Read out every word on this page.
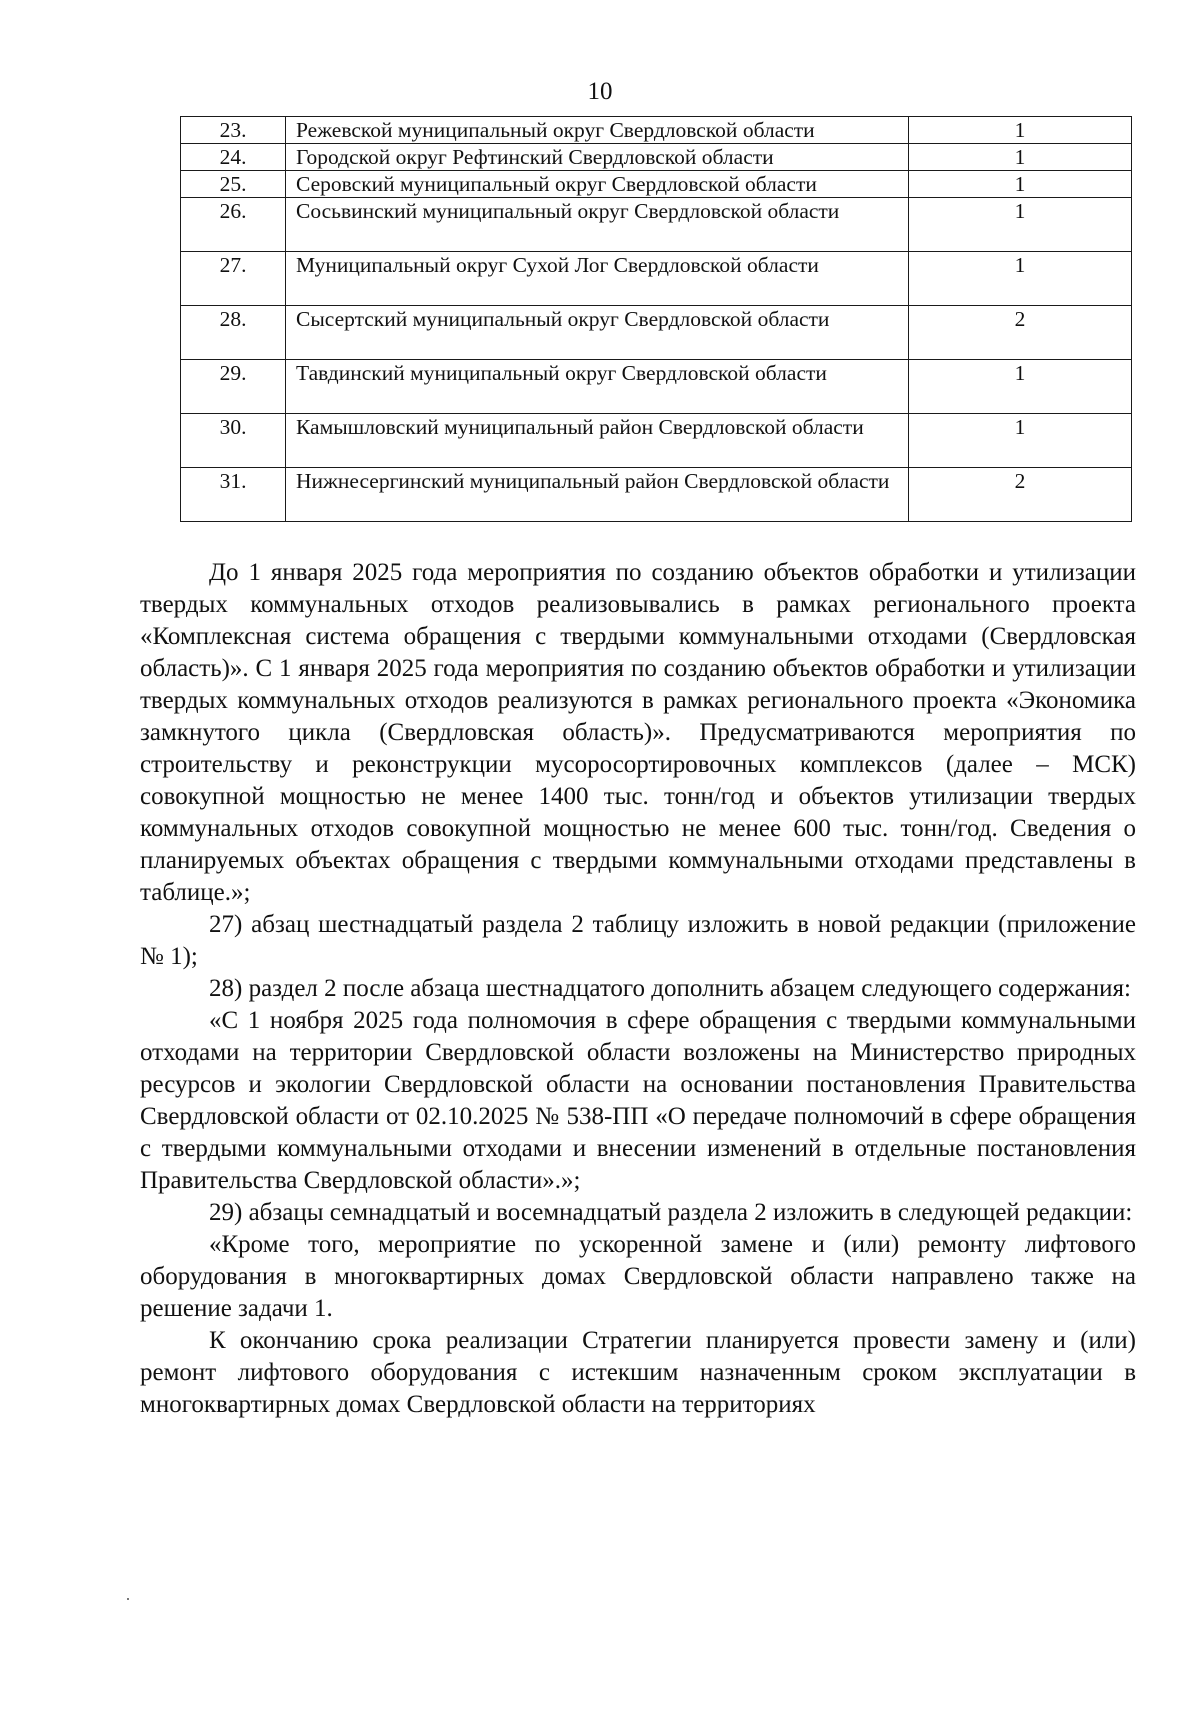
10
23.	Режевской муниципальный округ Свердловской области	1
24.	Городской округ Рефтинский Свердловской области	1
25.	Серовский муниципальный округ Свердловской области	1
26.	Сосьвинский муниципальный округ Свердловской области	1
27.	Муниципальный округ Сухой Лог Свердловской области	1
28.	Сысертский муниципальный округ Свердловской области	2
29.	Тавдинский муниципальный округ Свердловской области	1
30.	Камышловский муниципальный район Свердловской области	1
31.	Нижнесергинский муниципальный район Свердловской области	2

До 1 января 2025 года мероприятия по созданию объектов обработки и утилизации твердых коммунальных отходов реализовывались в рамках регионального проекта «Комплексная система обращения с твердыми коммунальными отходами (Свердловская область)». С 1 января 2025 года мероприятия по созданию объектов обработки и утилизации твердых коммунальных отходов реализуются в рамках регионального проекта «Экономика замкнутого цикла (Свердловская область)». Предусматриваются мероприятия по строительству и реконструкции мусоросортировочных комплексов (далее – МСК) совокупной мощностью не менее 1400 тыс. тонн/год и объектов утилизации твердых коммунальных отходов совокупной мощностью не менее 600 тыс. тонн/год. Сведения о планируемых объектах обращения с твердыми коммунальными отходами представлены в таблице.»;

27) абзац шестнадцатый раздела 2 таблицу изложить в новой редакции (приложение № 1);

28) раздел 2 после абзаца шестнадцатого дополнить абзацем следующего содержания:

«С 1 ноября 2025 года полномочия в сфере обращения с твердыми коммунальными отходами на территории Свердловской области возложены на Министерство природных ресурсов и экологии Свердловской области на основании постановления Правительства Свердловской области от 02.10.2025 № 538-ПП «О передаче полномочий в сфере обращения с твердыми коммунальными отходами и внесении изменений в отдельные постановления Правительства Свердловской области».»;

29) абзацы семнадцатый и восемнадцатый раздела 2 изложить в следующей редакции:

«Кроме того, мероприятие по ускоренной замене и (или) ремонту лифтового оборудования в многоквартирных домах Свердловской области направлено также на решение задачи 1.

К окончанию срока реализации Стратегии планируется провести замену и (или) ремонт лифтового оборудования с истекшим назначенным сроком эксплуатации в многоквартирных домах Свердловской области на территориях
